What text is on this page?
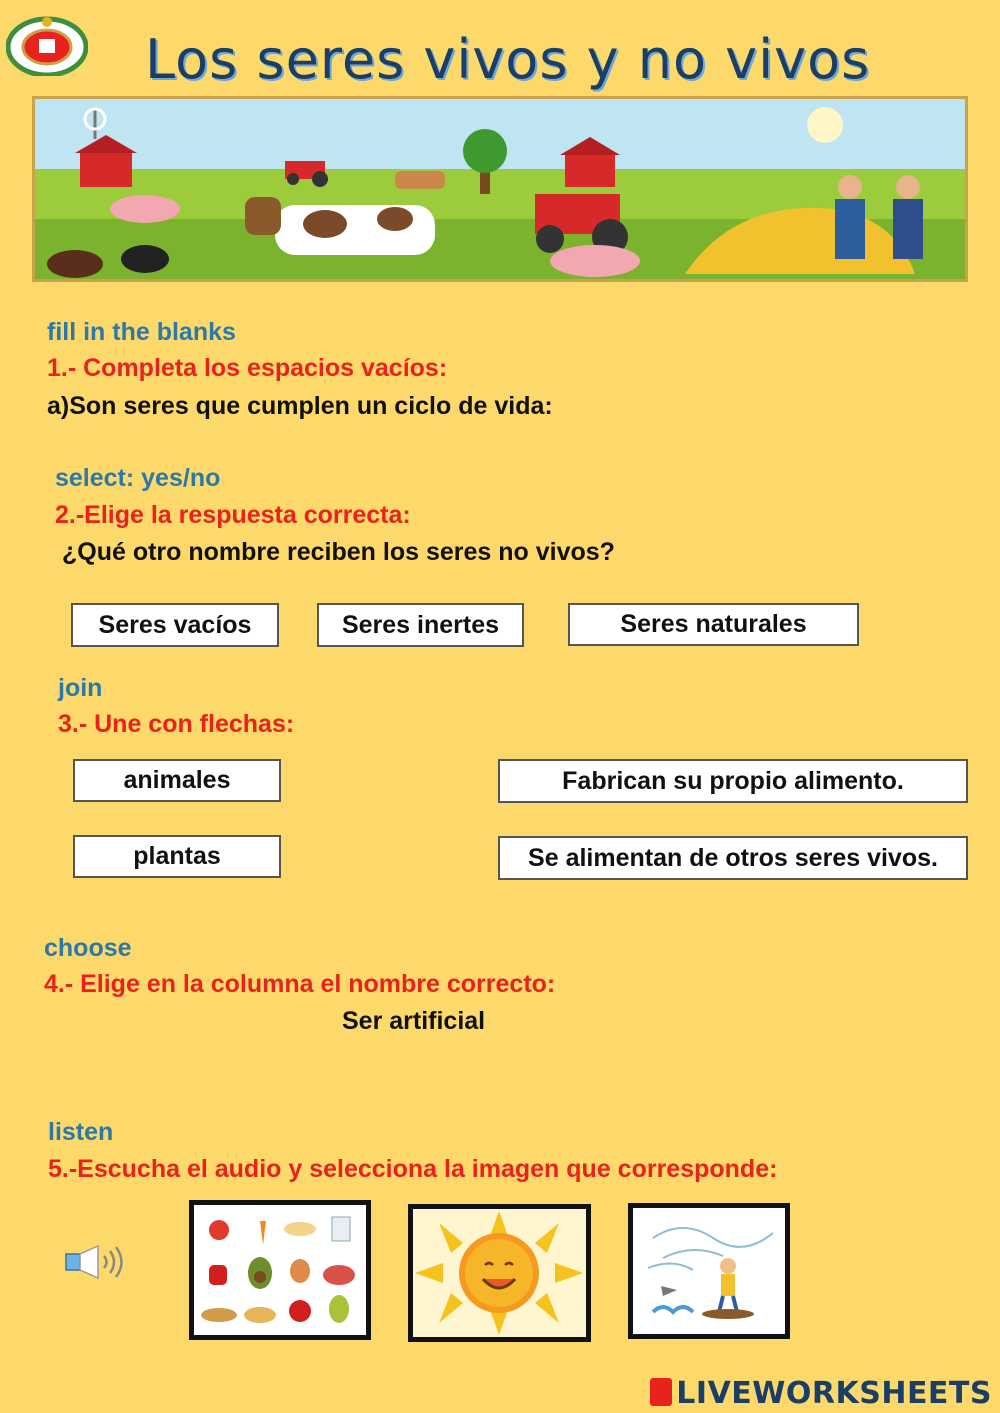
Los seres vivos y no vivos
fill in the blanks
1.- Completa los espacios vacíos:
a)Son seres que cumplen un ciclo de vida:
select: yes/no
2.-Elige la respuesta correcta:
¿Qué otro nombre reciben los seres no vivos?
Seres vacíos	Seres inertes	Seres naturales
join
3.- Une con flechas:
animales
plantas
Fabrican su propio alimento.
Se alimentan de otros seres vivos.
choose
4.- Elige en la columna el nombre correcto:
Ser artificial
listen
5.-Escucha el audio y selecciona la imagen que corresponde:
LIVEWORKSHEETS
